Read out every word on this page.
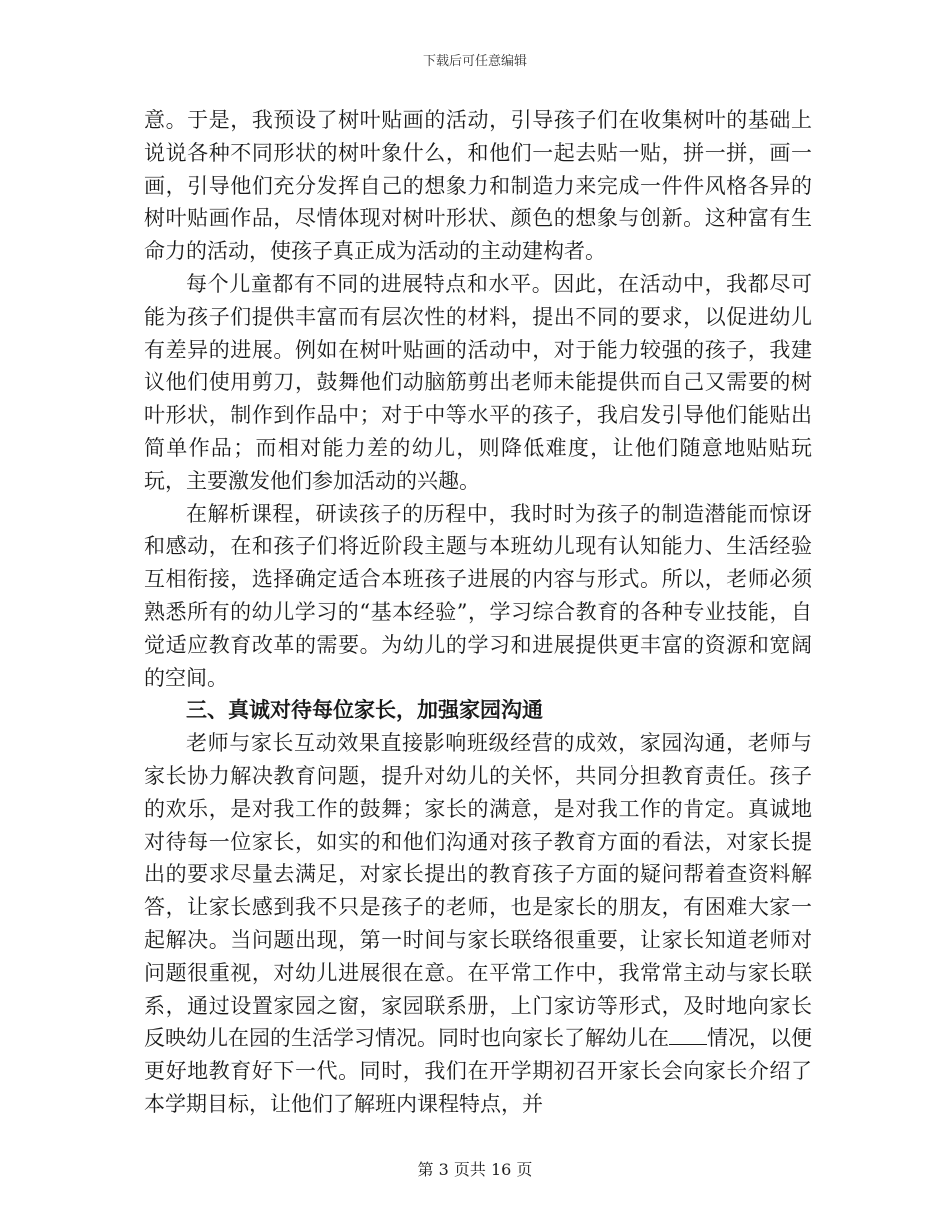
下载后可任意编辑

意。于是，我预设了树叶贴画的活动，引导孩子们在收集树叶的基础上说说各种不同形状的树叶象什么，和他们一起去贴一贴，拼一拼，画一画，引导他们充分发挥自己的想象力和制造力来完成一件件风格各异的树叶贴画作品，尽情体现对树叶形状、颜色的想象与创新。这种富有生命力的活动，使孩子真正成为活动的主动建构者。

每个儿童都有不同的进展特点和水平。因此，在活动中，我都尽可能为孩子们提供丰富而有层次性的材料，提出不同的要求，以促进幼儿有差异的进展。例如在树叶贴画的活动中，对于能力较强的孩子，我建议他们使用剪刀，鼓舞他们动脑筋剪出老师未能提供而自己又需要的树叶形状，制作到作品中；对于中等水平的孩子，我启发引导他们能贴出简单作品；而相对能力差的幼儿，则降低难度，让他们随意地贴贴玩玩，主要激发他们参加活动的兴趣。

在解析课程，研读孩子的历程中，我时时为孩子的制造潜能而惊讶和感动，在和孩子们将近阶段主题与本班幼儿现有认知能力、生活经验互相衔接，选择确定适合本班孩子进展的内容与形式。所以，老师必须熟悉所有的幼儿学习的“基本经验”，学习综合教育的各种专业技能，自觉适应教育改革的需要。为幼儿的学习和进展提供更丰富的资源和宽阔的空间。

三、真诚对待每位家长，加强家园沟通

老师与家长互动效果直接影响班级经营的成效，家园沟通，老师与家长协力解决教育问题，提升对幼儿的关怀，共同分担教育责任。孩子的欢乐，是对我工作的鼓舞；家长的满意，是对我工作的肯定。真诚地对待每一位家长，如实的和他们沟通对孩子教育方面的看法，对家长提出的要求尽量去满足，对家长提出的教育孩子方面的疑问帮着查资料解答，让家长感到我不只是孩子的老师，也是家长的朋友，有困难大家一起解决。当问题出现，第一时间与家长联络很重要，让家长知道老师对问题很重视，对幼儿进展很在意。在平常工作中，我常常主动与家长联系，通过设置家园之窗，家园联系册，上门家访等形式，及时地向家长反映幼儿在园的生活学习情况。同时也向家长了解幼儿在 情况，以便更好地教育好下一代。同时，我们在开学期初召开家长会向家长介绍了本学期目标，让他们了解班内课程特点，并

第 3 页共 16 页
